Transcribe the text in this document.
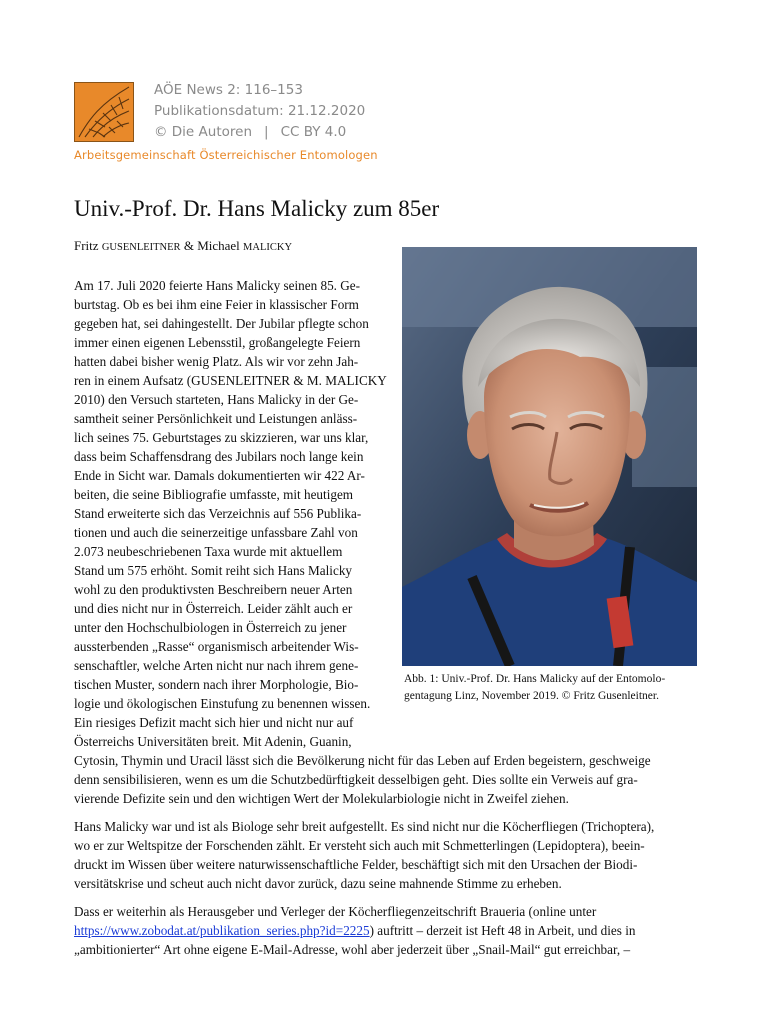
AÖE News 2: 116–153
Publikationsdatum: 21.12.2020
© Die Autoren | CC BY 4.0
Arbeitsgemeinschaft Österreichischer Entomologen
Univ.-Prof. Dr. Hans Malicky zum 85er
Fritz GUSENLEITNER & Michael MALICKY
Abb. 1: Univ.-Prof. Dr. Hans Malicky auf der Entomolo-
gentagung Linz, November 2019. © Fritz Gusenleitner.
Am 17. Juli 2020 feierte Hans Malicky seinen 85. Ge-
burtstag. Ob es bei ihm eine Feier in klassischer Form
gegeben hat, sei dahingestellt. Der Jubilar pflegte schon
immer einen eigenen Lebensstil, großangelegte Feiern
hatten dabei bisher wenig Platz. Als wir vor zehn Jah-
ren in einem Aufsatz (GUSENLEITNER & M. MALICKY
2010) den Versuch starteten, Hans Malicky in der Ge-
samtheit seiner Persönlichkeit und Leistungen anläss-
lich seines 75. Geburtstages zu skizzieren, war uns klar,
dass beim Schaffensdrang des Jubilars noch lange kein
Ende in Sicht war. Damals dokumentierten wir 422 Ar-
beiten, die seine Bibliografie umfasste, mit heutigem
Stand erweiterte sich das Verzeichnis auf 556 Publika-
tionen und auch die seinerzeitige unfassbare Zahl von
2.073 neubeschriebenen Taxa wurde mit aktuellem
Stand um 575 erhöht. Somit reiht sich Hans Malicky
wohl zu den produktivsten Beschreibern neuer Arten
und dies nicht nur in Österreich. Leider zählt auch er
unter den Hochschulbiologen in Österreich zu jener
aussterbenden „Rasse“ organismisch arbeitender Wis-
senschaftler, welche Arten nicht nur nach ihrem gene-
tischen Muster, sondern nach ihrer Morphologie, Bio-
logie und ökologischen Einstufung zu benennen wissen.
Ein riesiges Defizit macht sich hier und nicht nur auf
Österreichs Universitäten breit. Mit Adenin, Guanin,
Cytosin, Thymin und Uracil lässt sich die Bevölkerung nicht für das Leben auf Erden begeistern, geschweige
denn sensibilisieren, wenn es um die Schutzbedürftigkeit desselbigen geht. Dies sollte ein Verweis auf gra-
vierende Defizite sein und den wichtigen Wert der Molekularbiologie nicht in Zweifel ziehen.
Hans Malicky war und ist als Biologe sehr breit aufgestellt. Es sind nicht nur die Köcherfliegen (Trichoptera),
wo er zur Weltspitze der Forschenden zählt. Er versteht sich auch mit Schmetterlingen (Lepidoptera), beein-
druckt im Wissen über weitere naturwissenschaftliche Felder, beschäftigt sich mit den Ursachen der Biodi-
versitätskrise und scheut auch nicht davor zurück, dazu seine mahnende Stimme zu erheben.
Dass er weiterhin als Herausgeber und Verleger der Köcherfliegenzeitschrift Braueria (online unter
https://www.zobodat.at/publikation_series.php?id=2225) auftritt – derzeit ist Heft 48 in Arbeit, und dies in
„ambitionierter“ Art ohne eigene E-Mail-Adresse, wohl aber jederzeit über „Snail-Mail“ gut erreichbar, –
